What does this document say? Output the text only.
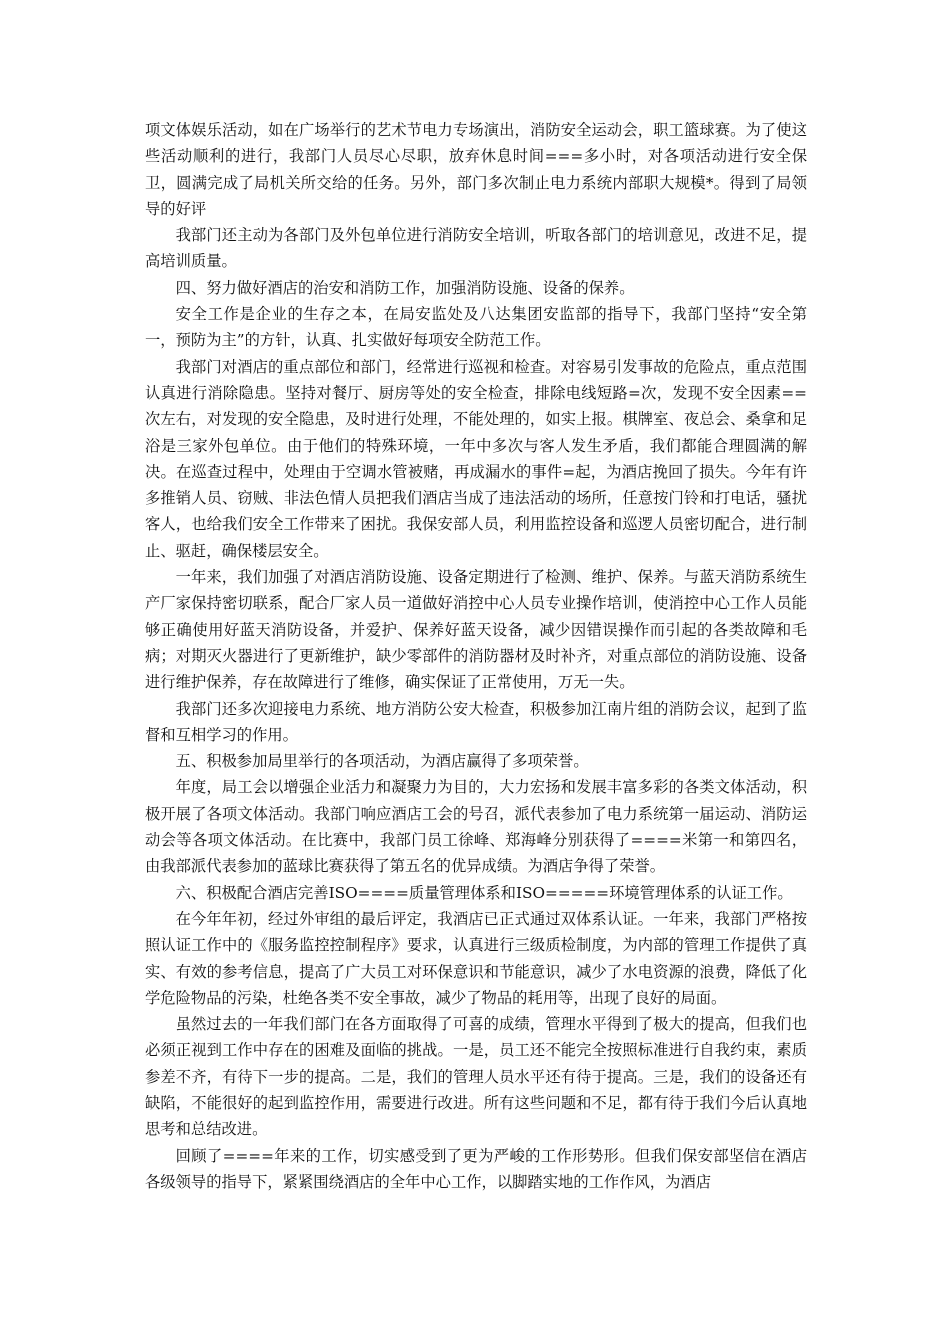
项文体娱乐活动，如在广场举行的艺术节电力专场演出，消防安全运动会，职工篮球赛。为了使这些活动顺利的进行，我部门人员尽心尽职，放弃休息时间===多小时，对各项活动进行安全保卫，圆满完成了局机关所交给的任务。另外，部门多次制止电力系统内部职大规模*。得到了局领导的好评

我部门还主动为各部门及外包单位进行消防安全培训，听取各部门的培训意见，改进不足，提高培训质量。

四、努力做好酒店的治安和消防工作，加强消防设施、设备的保养。

安全工作是企业的生存之本，在局安监处及八达集团安监部的指导下，我部门坚持“安全第一，预防为主”的方针，认真、扎实做好每项安全防范工作。

我部门对酒店的重点部位和部门，经常进行巡视和检查。对容易引发事故的危险点，重点范围认真进行消除隐患。坚持对餐厅、厨房等处的安全检查，排除电线短路=次，发现不安全因素==次左右，对发现的安全隐患，及时进行处理，不能处理的，如实上报。棋牌室、夜总会、桑拿和足浴是三家外包单位。由于他们的特殊环境，一年中多次与客人发生矛盾，我们都能合理圆满的解决。在巡查过程中，处理由于空调水管被赌，再成漏水的事件=起，为酒店挽回了损失。今年有许多推销人员、窃贼、非法色情人员把我们酒店当成了违法活动的场所，任意按门铃和打电话，骚扰客人，也给我们安全工作带来了困扰。我保安部人员，利用监控设备和巡逻人员密切配合，进行制止、驱赶，确保楼层安全。

一年来，我们加强了对酒店消防设施、设备定期进行了检测、维护、保养。与蓝天消防系统生产厂家保持密切联系，配合厂家人员一道做好消控中心人员专业操作培训，使消控中心工作人员能够正确使用好蓝天消防设备，并爱护、保养好蓝天设备，减少因错误操作而引起的各类故障和毛病；对期灭火器进行了更新维护，缺少零部件的消防器材及时补齐，对重点部位的消防设施、设备进行维护保养，存在故障进行了维修，确实保证了正常使用，万无一失。

我部门还多次迎接电力系统、地方消防公安大检查，积极参加江南片组的消防会议，起到了监督和互相学习的作用。

五、积极参加局里举行的各项活动，为酒店赢得了多项荣誉。

年度，局工会以增强企业活力和凝聚力为目的，大力宏扬和发展丰富多彩的各类文体活动，积极开展了各项文体活动。我部门响应酒店工会的号召，派代表参加了电力系统第一届运动、消防运动会等各项文体活动。在比赛中，我部门员工徐峰、郑海峰分别获得了====米第一和第四名，由我部派代表参加的蓝球比赛获得了第五名的优异成绩。为酒店争得了荣誉。

六、积极配合酒店完善ISO====质量管理体系和ISO=====环境管理体系的认证工作。

在今年年初，经过外审组的最后评定，我酒店已正式通过双体系认证。一年来，我部门严格按照认证工作中的《服务监控控制程序》要求，认真进行三级质检制度，为内部的管理工作提供了真实、有效的参考信息，提高了广大员工对环保意识和节能意识，减少了水电资源的浪费，降低了化学危险物品的污染，杜绝各类不安全事故，减少了物品的耗用等，出现了良好的局面。

虽然过去的一年我们部门在各方面取得了可喜的成绩，管理水平得到了极大的提高，但我们也必须正视到工作中存在的困难及面临的挑战。一是，员工还不能完全按照标准进行自我约束，素质参差不齐，有待下一步的提高。二是，我们的管理人员水平还有待于提高。三是，我们的设备还有缺陷，不能很好的起到监控作用，需要进行改进。所有这些问题和不足，都有待于我们今后认真地思考和总结改进。

回顾了====年来的工作，切实感受到了更为严峻的工作形势形。但我们保安部坚信在酒店各级领导的指导下，紧紧围绕酒店的全年中心工作，以脚踏实地的工作作风，为酒店
